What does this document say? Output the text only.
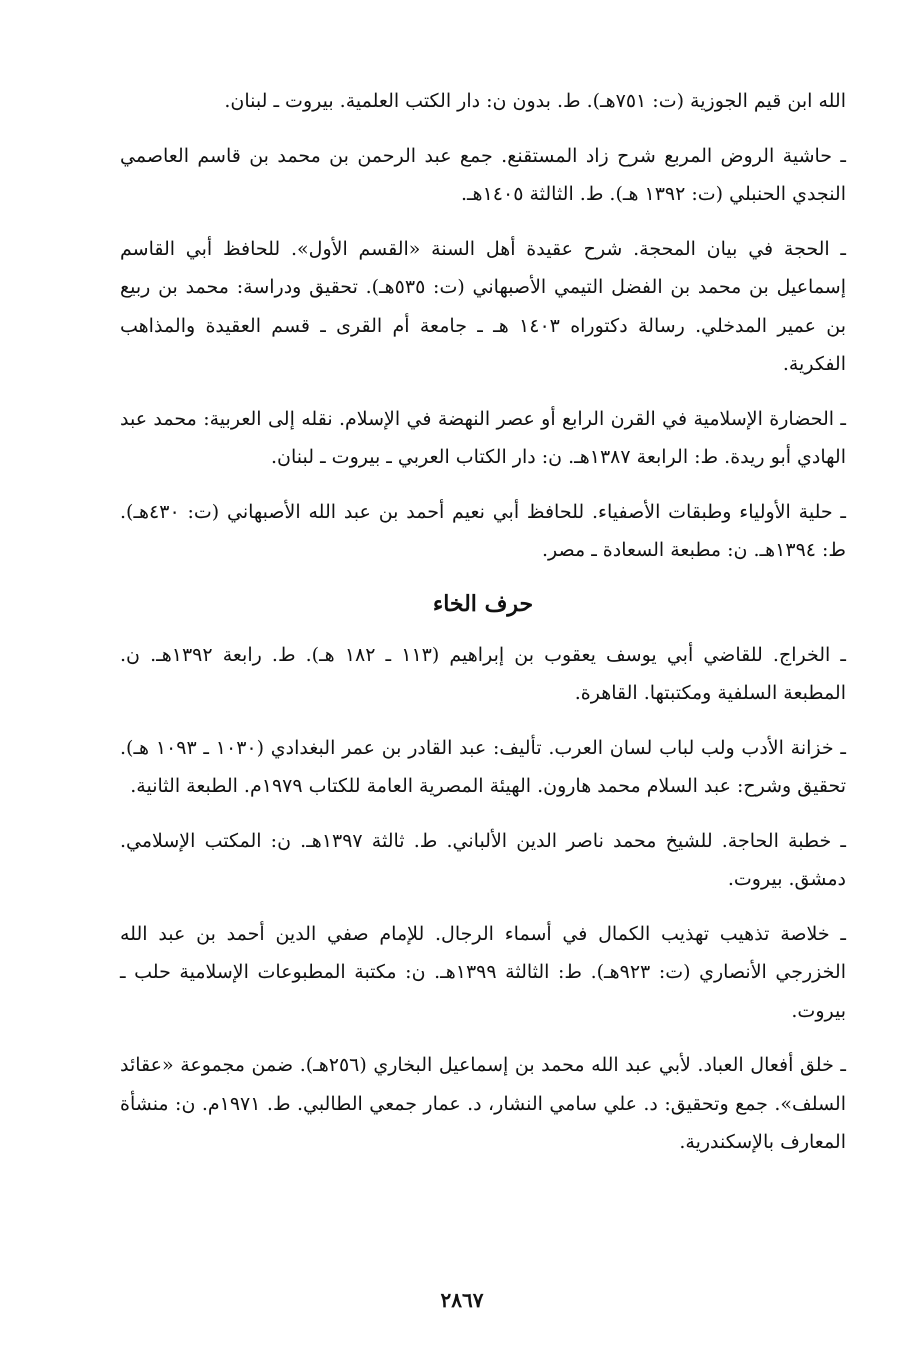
الله ابن قيم الجوزية (ت: ٧٥١هـ). ط. بدون ن: دار الكتب العلمية. بيروت ـ لبنان.

ـ حاشية الروض المربع شرح زاد المستقنع. جمع عبد الرحمن بن محمد بن قاسم العاصمي النجدي الحنبلي (ت: ١٣٩٢ هـ). ط. الثالثة ١٤٠٥هـ.

ـ الحجة في بيان المحجة. شرح عقيدة أهل السنة «القسم الأول». للحافظ أبي القاسم إسماعيل بن محمد بن الفضل التيمي الأصبهاني (ت: ٥٣٥هـ). تحقيق ودراسة: محمد بن ربيع بن عمير المدخلي. رسالة دكتوراه ١٤٠٣ هـ ـ جامعة أم القرى ـ قسم العقيدة والمذاهب الفكرية.

ـ الحضارة الإسلامية في القرن الرابع أو عصر النهضة في الإسلام. نقله إلى العربية: محمد عبد الهادي أبو ريدة. ط: الرابعة ١٣٨٧هـ. ن: دار الكتاب العربي ـ بيروت ـ لبنان.

ـ حلية الأولياء وطبقات الأصفياء. للحافظ أبي نعيم أحمد بن عبد الله الأصبهاني (ت: ٤٣٠هـ). ط: ١٣٩٤هـ. ن: مطبعة السعادة ـ مصر.

حرف الخاء

ـ الخراج. للقاضي أبي يوسف يعقوب بن إبراهيم (١١٣ ـ ١٨٢ هـ). ط. رابعة ١٣٩٢هـ. ن. المطبعة السلفية ومكتبتها. القاهرة.

ـ خزانة الأدب ولب لباب لسان العرب. تأليف: عبد القادر بن عمر البغدادي (١٠٣٠ ـ ١٠٩٣ هـ). تحقيق وشرح: عبد السلام محمد هارون. الهيئة المصرية العامة للكتاب ١٩٧٩م. الطبعة الثانية.

ـ خطبة الحاجة. للشيخ محمد ناصر الدين الألباني. ط. ثالثة ١٣٩٧هـ. ن: المكتب الإسلامي. دمشق. بيروت.

ـ خلاصة تذهيب تهذيب الكمال في أسماء الرجال. للإمام صفي الدين أحمد بن عبد الله الخزرجي الأنصاري (ت: ٩٢٣هـ). ط: الثالثة ١٣٩٩هـ. ن: مكتبة المطبوعات الإسلامية حلب ـ بيروت.

ـ خلق أفعال العباد. لأبي عبد الله محمد بن إسماعيل البخاري (٢٥٦هـ). ضمن مجموعة «عقائد السلف». جمع وتحقيق: د. علي سامي النشار، د. عمار جمعي الطالبي. ط. ١٩٧١م. ن: منشأة المعارف بالإسكندرية.

٢٨٦٧
